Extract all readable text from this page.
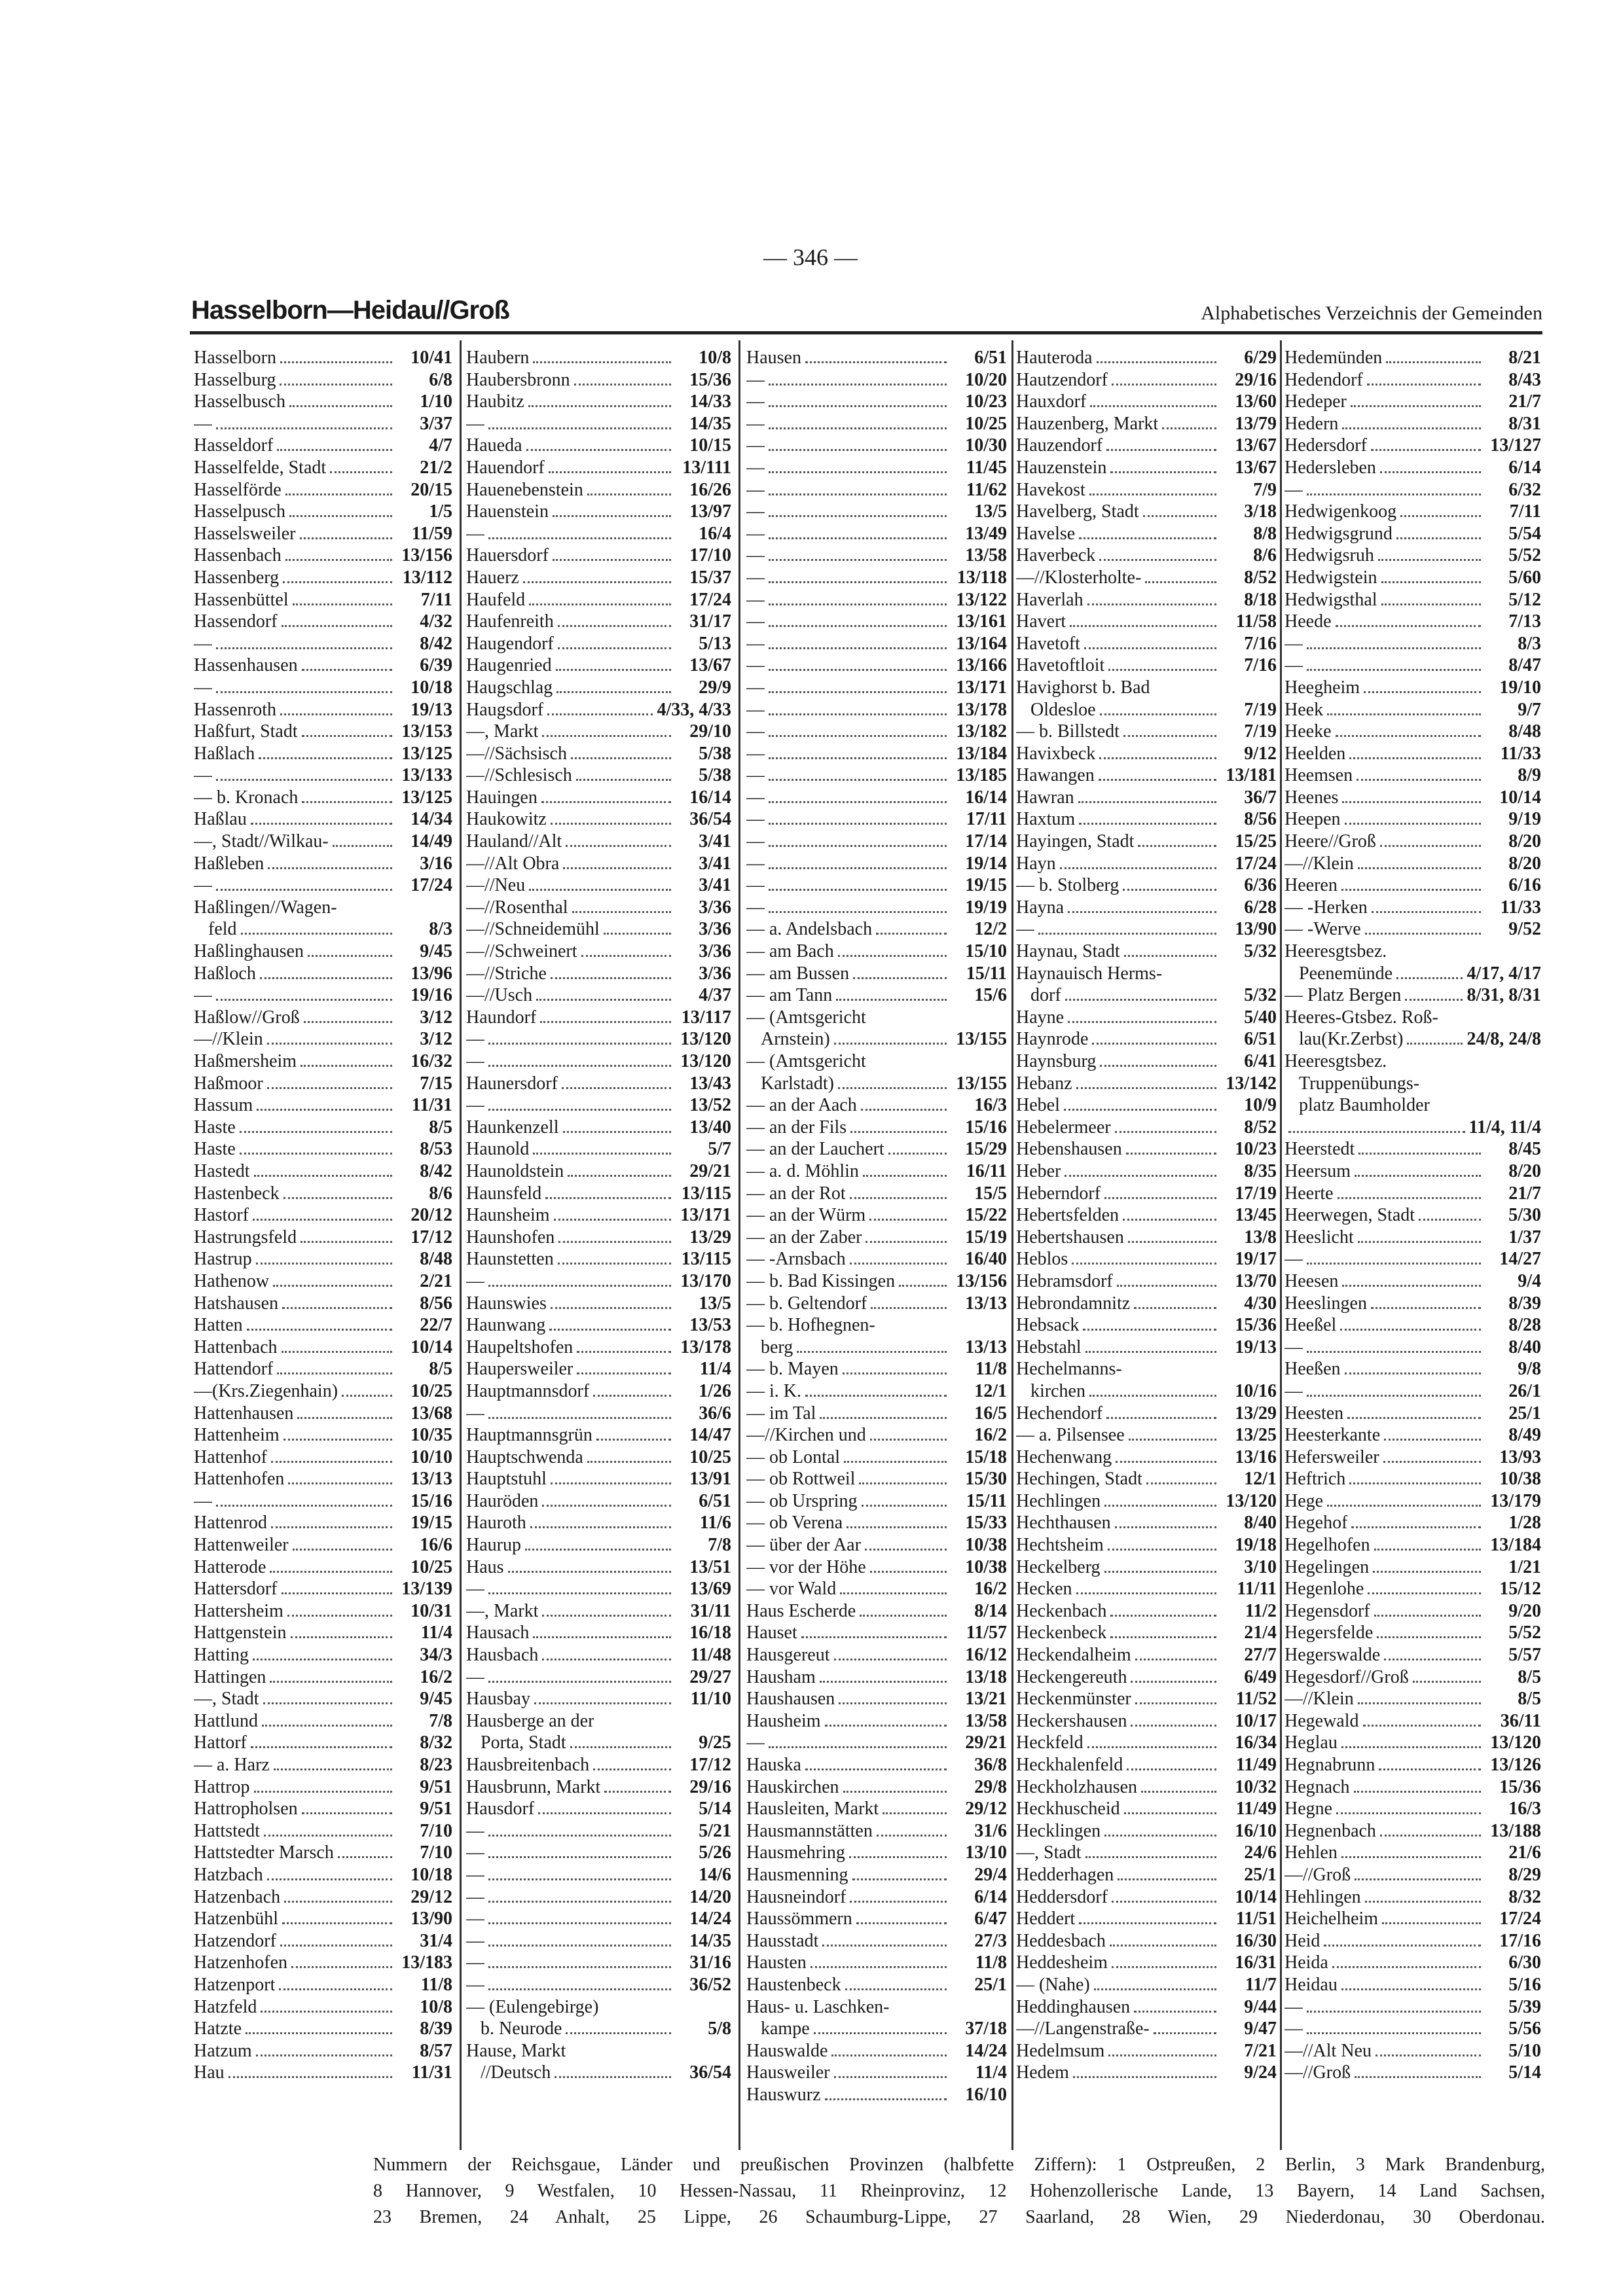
— 346 —
Hasselborn—Heidau//Groß	Alphabetisches Verzeichnis der Gemeinden
Hasselborn	10/41
Hasselburg	6/8
Hasselbusch	1/10
—	3/37
Hasseldorf	4/7
Hasselfelde, Stadt	21/2
Hasselförde	20/15
Hasselpusch	1/5
Hasselsweiler	11/59
Hassenbach	13/156
Hassenberg	13/112
Hassenbüttel	7/11
Hassendorf	4/32
—	8/42
Hassenhausen	6/39
—	10/18
Hassenroth	19/13
Haßfurt, Stadt	13/153
Haßlach	13/125
—	13/133
— b. Kronach	13/125
Haßlau	14/34
—, Stadt//Wilkau-	14/49
Haßleben	3/16
—	17/24
Haßlingen//Wagen-
feld	8/3
Haßlinghausen	9/45
Haßloch	13/96
—	19/16
Haßlow//Groß	3/12
—//Klein	3/12
Haßmersheim	16/32
Haßmoor	7/15
Hassum	11/31
Haste	8/5
Haste	8/53
Hastedt	8/42
Hastenbeck	8/6
Hastorf	20/12
Hastrungsfeld	17/12
Hastrup	8/48
Hathenow	2/21
Hatshausen	8/56
Hatten	22/7
Hattenbach	10/14
Hattendorf	8/5
—(Krs.Ziegenhain)	10/25
Hattenhausen	13/68
Hattenheim	10/35
Hattenhof	10/10
Hattenhofen	13/13
—	15/16
Hattenrod	19/15
Hattenweiler	16/6
Hatterode	10/25
Hattersdorf	13/139
Hattersheim	10/31
Hattgenstein	11/4
Hatting	34/3
Hattingen	16/2
—, Stadt	9/45
Hattlund	7/8
Hattorf	8/32
— a. Harz	8/23
Hattrop	9/51
Hattropholsen	9/51
Hattstedt	7/10
Hattstedter Marsch	7/10
Hatzbach	10/18
Hatzenbach	29/12
Hatzenbühl	13/90
Hatzendorf	31/4
Hatzenhofen	13/183
Hatzenport	11/8
Hatzfeld	10/8
Hatzte	8/39
Hatzum	8/57
Hau	11/31
Haubern	10/8
Haubersbronn	15/36
Haubitz	14/33
—	14/35
Haueda	10/15
Hauendorf	13/111
Hauenebenstein	16/26
Hauenstein	13/97
—	16/4
Hauersdorf	17/10
Hauerz	15/37
Haufeld	17/24
Haufenreith	31/17
Haugendorf	5/13
Haugenried	13/67
Haugschlag	29/9
Haugsdorf	4/33, 4/33
—, Markt	29/10
—//Sächsisch	5/38
—//Schlesisch	5/38
Hauingen	16/14
Haukowitz	36/54
Hauland//Alt	3/41
—//Alt Obra	3/41
—//Neu	3/41
—//Rosenthal	3/36
—//Schneidemühl	3/36
—//Schweinert	3/36
—//Striche	3/36
—//Usch	4/37
Haundorf	13/117
—	13/120
—	13/120
Haunersdorf	13/43
—	13/52
Haunkenzell	13/40
Haunold	5/7
Haunoldstein	29/21
Haunsfeld	13/115
Haunsheim	13/171
Haunshofen	13/29
Haunstetten	13/115
—	13/170
Haunswies	13/5
Haunwang	13/53
Haupeltshofen	13/178
Haupersweiler	11/4
Hauptmannsdorf	1/26
—	36/6
Hauptmannsgrün	14/47
Hauptschwenda	10/25
Hauptstuhl	13/91
Hauröden	6/51
Hauroth	11/6
Haurup	7/8
Haus	13/51
—	13/69
—, Markt	31/11
Hausach	16/18
Hausbach	11/48
—	29/27
Hausbay	11/10
Hausberge an der
Porta, Stadt	9/25
Hausbreitenbach	17/12
Hausbrunn, Markt	29/16
Hausdorf	5/14
—	5/21
—	5/26
—	14/6
—	14/20
—	14/24
—	14/35
—	31/16
—	36/52
— (Eulengebirge)
b. Neurode	5/8
Hause, Markt
//Deutsch	36/54
Hausen	6/51
—	10/20
—	10/23
—	10/25
—	10/30
—	11/45
—	11/62
—	13/5
—	13/49
—	13/58
—	13/118
—	13/122
—	13/161
—	13/164
—	13/166
—	13/171
—	13/178
—	13/182
—	13/184
—	13/185
—	16/14
—	17/11
—	17/14
—	19/14
—	19/15
—	19/19
— a. Andelsbach	12/2
— am Bach	15/10
— am Bussen	15/11
— am Tann	15/6
— (Amtsgericht
Arnstein)	13/155
— (Amtsgericht
Karlstadt)	13/155
— an der Aach	16/3
— an der Fils	15/16
— an der Lauchert	15/29
— a. d. Möhlin	16/11
— an der Rot	15/5
— an der Würm	15/22
— an der Zaber	15/19
— -Arnsbach	16/40
— b. Bad Kissingen	13/156
— b. Geltendorf	13/13
— b. Hofhegnen-
berg	13/13
— b. Mayen	11/8
— i. K.	12/1
— im Tal	16/5
—//Kirchen und	16/2
— ob Lontal	15/18
— ob Rottweil	15/30
— ob Urspring	15/11
— ob Verena	15/33
— über der Aar	10/38
— vor der Höhe	10/38
— vor Wald	16/2
Haus Escherde	8/14
Hauset	11/57
Hausgereut	16/12
Hausham	13/18
Haushausen	13/21
Hausheim	13/58
—	29/21
Hauska	36/8
Hauskirchen	29/8
Hausleiten, Markt	29/12
Hausmannstätten	31/6
Hausmehring	13/10
Hausmenning	29/4
Hausneindorf	6/14
Haussömmern	6/47
Hausstadt	27/3
Hausten	11/8
Haustenbeck	25/1
Haus- u. Laschken-
kampe	37/18
Hauswalde	14/24
Hausweiler	11/4
Hauswurz	16/10
Hauteroda	6/29
Hautzendorf	29/16
Hauxdorf	13/60
Hauzenberg, Markt	13/79
Hauzendorf	13/67
Hauzenstein	13/67
Havekost	7/9
Havelberg, Stadt	3/18
Havelse	8/8
Haverbeck	8/6
—//Klosterholte-	8/52
Haverlah	8/18
Havert	11/58
Havetoft	7/16
Havetoftloit	7/16
Havighorst b. Bad
Oldesloe	7/19
— b. Billstedt	7/19
Havixbeck	9/12
Hawangen	13/181
Hawran	36/7
Haxtum	8/56
Hayingen, Stadt	15/25
Hayn	17/24
— b. Stolberg	6/36
Hayna	6/28
—	13/90
Haynau, Stadt	5/32
Haynauisch Herms-
dorf	5/32
Hayne	5/40
Haynrode	6/51
Haynsburg	6/41
Hebanz	13/142
Hebel	10/9
Hebelermeer	8/52
Hebenshausen	10/23
Heber	8/35
Heberndorf	17/19
Hebertsfelden	13/45
Hebertshausen	13/8
Heblos	19/17
Hebramsdorf	13/70
Hebrondamnitz	4/30
Hebsack	15/36
Hebstahl	19/13
Hechelmanns-
kirchen	10/16
Hechendorf	13/29
— a. Pilsensee	13/25
Hechenwang	13/16
Hechingen, Stadt	12/1
Hechlingen	13/120
Hechthausen	8/40
Hechtsheim	19/18
Heckelberg	3/10
Hecken	11/11
Heckenbach	11/2
Heckenbeck	21/4
Heckendalheim	27/7
Heckengereuth	6/49
Heckenmünster	11/52
Heckershausen	10/17
Heckfeld	16/34
Heckhalenfeld	11/49
Heckholzhausen	10/32
Heckhuscheid	11/49
Hecklingen	16/10
—, Stadt	24/6
Hedderhagen	25/1
Heddersdorf	10/14
Heddert	11/51
Heddesbach	16/30
Heddesheim	16/31
— (Nahe)	11/7
Heddinghausen	9/44
—//Langenstraße-	9/47
Hedelmsum	7/21
Hedem	9/24
Hedemünden	8/21
Hedendorf	8/43
Hedeper	21/7
Hedern	8/31
Hedersdorf	13/127
Hedersleben	6/14
—	6/32
Hedwigenkoog	7/11
Hedwigsgrund	5/54
Hedwigsruh	5/52
Hedwigstein	5/60
Hedwigsthal	5/12
Heede	7/13
—	8/3
—	8/47
Heegheim	19/10
Heek	9/7
Heeke	8/48
Heelden	11/33
Heemsen	8/9
Heenes	10/14
Heepen	9/19
Heere//Groß	8/20
—//Klein	8/20
Heeren	6/16
— -Herken	11/33
— -Werve	9/52
Heeresgtsbez.
Peenemünde	4/17, 4/17
— Platz Bergen	8/31, 8/31
Heeres-Gtsbez. Roß-
lau(Kr.Zerbst)	24/8, 24/8
Heeresgtsbez.
Truppenübungs-
platz Baumholder
11/4, 11/4
Heerstedt	8/45
Heersum	8/20
Heerte	21/7
Heerwegen, Stadt	5/30
Heeslicht	1/37
—	14/27
Heesen	9/4
Heeslingen	8/39
Heeßel	8/28
—	8/40
Heeßen	9/8
—	26/1
Heesten	25/1
Heesterkante	8/49
Hefersweiler	13/93
Heftrich	10/38
Hege	13/179
Hegehof	1/28
Hegelhofen	13/184
Hegelingen	1/21
Hegenlohe	15/12
Hegensdorf	9/20
Hegersfelde	5/52
Hegerswalde	5/57
Hegesdorf//Groß	8/5
—//Klein	8/5
Hegewald	36/11
Heglau	13/120
Hegnabrunn	13/126
Hegnach	15/36
Hegne	16/3
Hegnenbach	13/188
Hehlen	21/6
—//Groß	8/29
Hehlingen	8/32
Heichelheim	17/24
Heid	17/16
Heida	6/30
Heidau	5/16
—	5/39
—	5/56
—//Alt Neu	5/10
—//Groß	5/14
Nummern der Reichsgaue, Länder und preußischen Provinzen (halbfette Ziffern): 1 Ostpreußen, 2 Berlin, 3 Mark Brandenburg,
8 Hannover, 9 Westfalen, 10 Hessen-Nassau, 11 Rheinprovinz, 12 Hohenzollerische Lande, 13 Bayern, 14 Land Sachsen,
23 Bremen, 24 Anhalt, 25 Lippe, 26 Schaumburg-Lippe, 27 Saarland, 28 Wien, 29 Niederdonau, 30 Oberdonau.
